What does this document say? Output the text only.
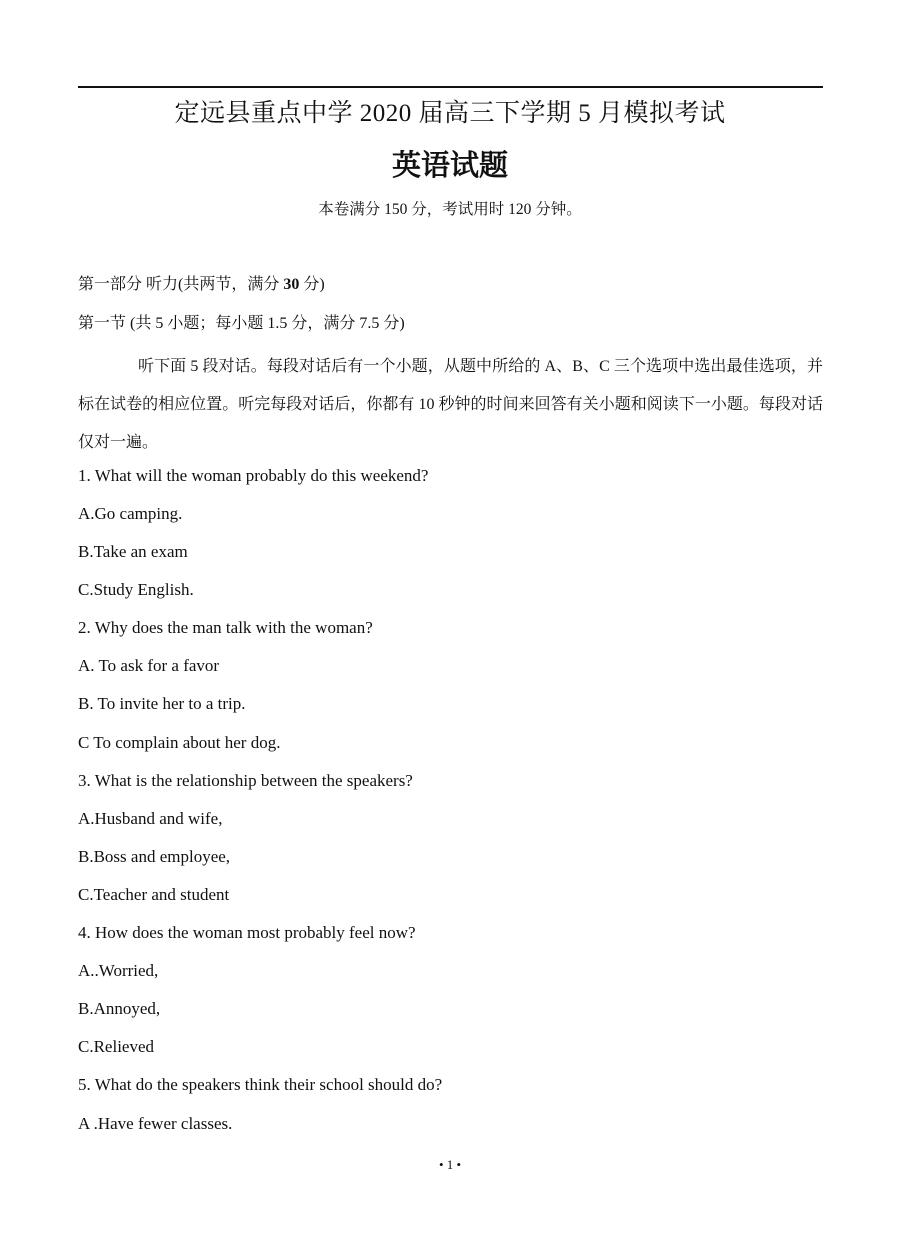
定远县重点中学 2020 届高三下学期 5 月模拟考试
英语试题
本卷满分 150 分，考试用时 120 分钟。
第一部分 听力(共两节，满分 30 分)
第一节 (共 5 小题；每小题 1.5 分，满分 7.5 分)
听下面 5 段对话。每段对话后有一个小题，从题中所给的 A、B、C 三个选项中选出最佳选项，并标在试卷的相应位置。听完每段对话后，你都有 10 秒钟的时间来回答有关小题和阅读下一小题。每段对话仅对一遍。
1. What will the woman probably do this weekend?
A.Go camping.
B.Take an exam
C.Study English.
2. Why does the man talk with the woman?
A. To ask for a favor
B. To invite her to a trip.
C To complain about her dog.
3. What is the relationship between the speakers?
A.Husband and wife,
B.Boss and employee,
C.Teacher and student
4. How does the woman most probably feel now?
A..Worried,
B.Annoyed,
C.Relieved
5. What do the speakers think their school should do?
A .Have fewer classes.
• 1 •
